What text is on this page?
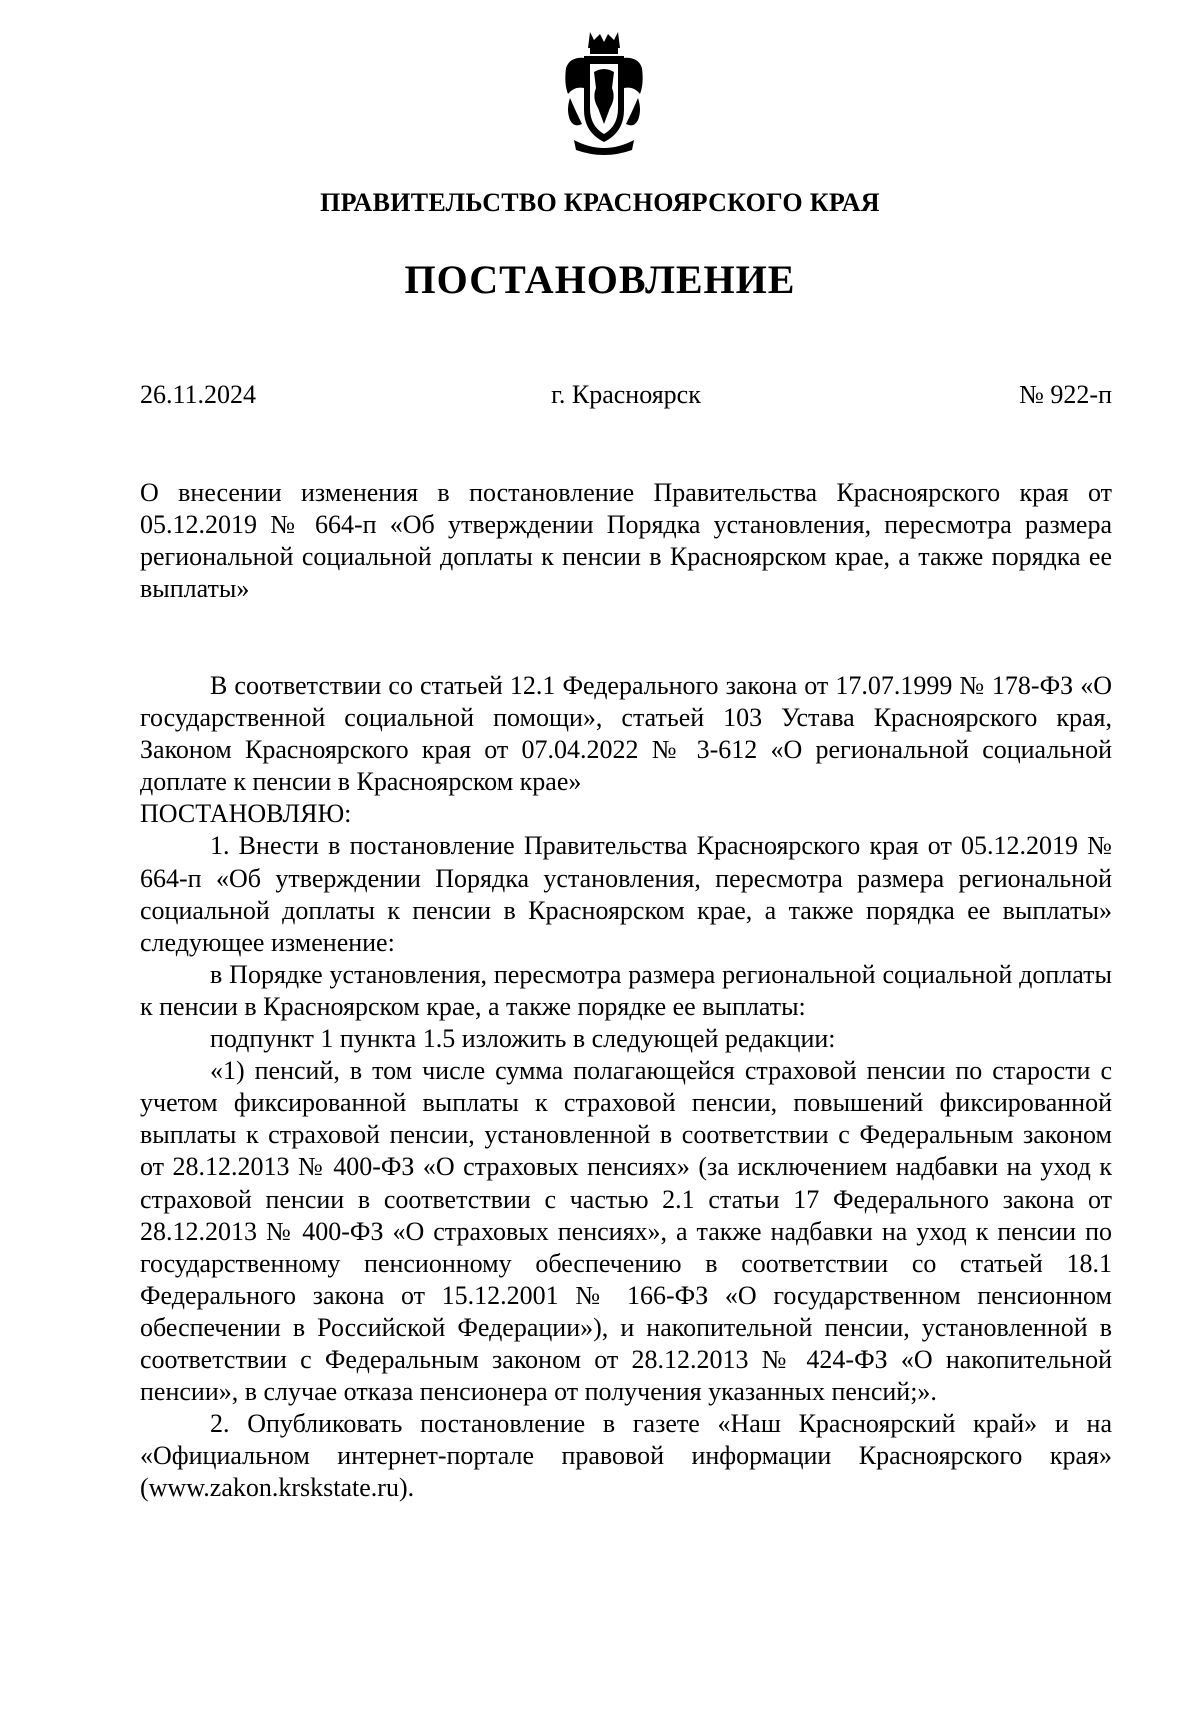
ПРАВИТЕЛЬСТВО КРАСНОЯРСКОГО КРАЯ
ПОСТАНОВЛЕНИЕ
26.11.2024	г. Красноярск	№ 922-п
О внесении изменения в постановление Правительства Красноярского края от 05.12.2019 № 664-п «Об утверждении Порядка установления, пересмотра размера региональной социальной доплаты к пенсии в Красноярском крае, а также порядка ее выплаты»

В соответствии со статьей 12.1 Федерального закона от 17.07.1999 № 178-ФЗ «О государственной социальной помощи», статьей 103 Устава Красноярского края, Законом Красноярского края от 07.04.2022 № 3-612 «О региональной социальной доплате к пенсии в Красноярском крае»

ПОСТАНОВЛЯЮ:

1. Внести в постановление Правительства Красноярского края от 05.12.2019 № 664-п «Об утверждении Порядка установления, пересмотра размера региональной социальной доплаты к пенсии в Красноярском крае, а также порядка ее выплаты» следующее изменение:

в Порядке установления, пересмотра размера региональной социальной доплаты к пенсии в Красноярском крае, а также порядке ее выплаты:

подпункт 1 пункта 1.5 изложить в следующей редакции:

«1) пенсий, в том числе сумма полагающейся страховой пенсии по старости с учетом фиксированной выплаты к страховой пенсии, повышений фиксированной выплаты к страховой пенсии, установленной в соответствии с Федеральным законом от 28.12.2013 № 400-ФЗ «О страховых пенсиях» (за исключением надбавки на уход к страховой пенсии в соответствии с частью 2.1 статьи 17 Федерального закона от 28.12.2013 № 400-ФЗ «О страховых пенсиях», а также надбавки на уход к пенсии по государственному пенсионному обеспечению в соответствии со статьей 18.1 Федерального закона от 15.12.2001 № 166-ФЗ «О государственном пенсионном обеспечении в Российской Федерации»), и накопительной пенсии, установленной в соответствии с Федеральным законом от 28.12.2013 № 424-ФЗ «О накопительной пенсии», в случае отказа пенсионера от получения указанных пенсий;».

2. Опубликовать постановление в газете «Наш Красноярский край» и на «Официальном интернет-портале правовой информации Красноярского края» (www.zakon.krskstate.ru).
